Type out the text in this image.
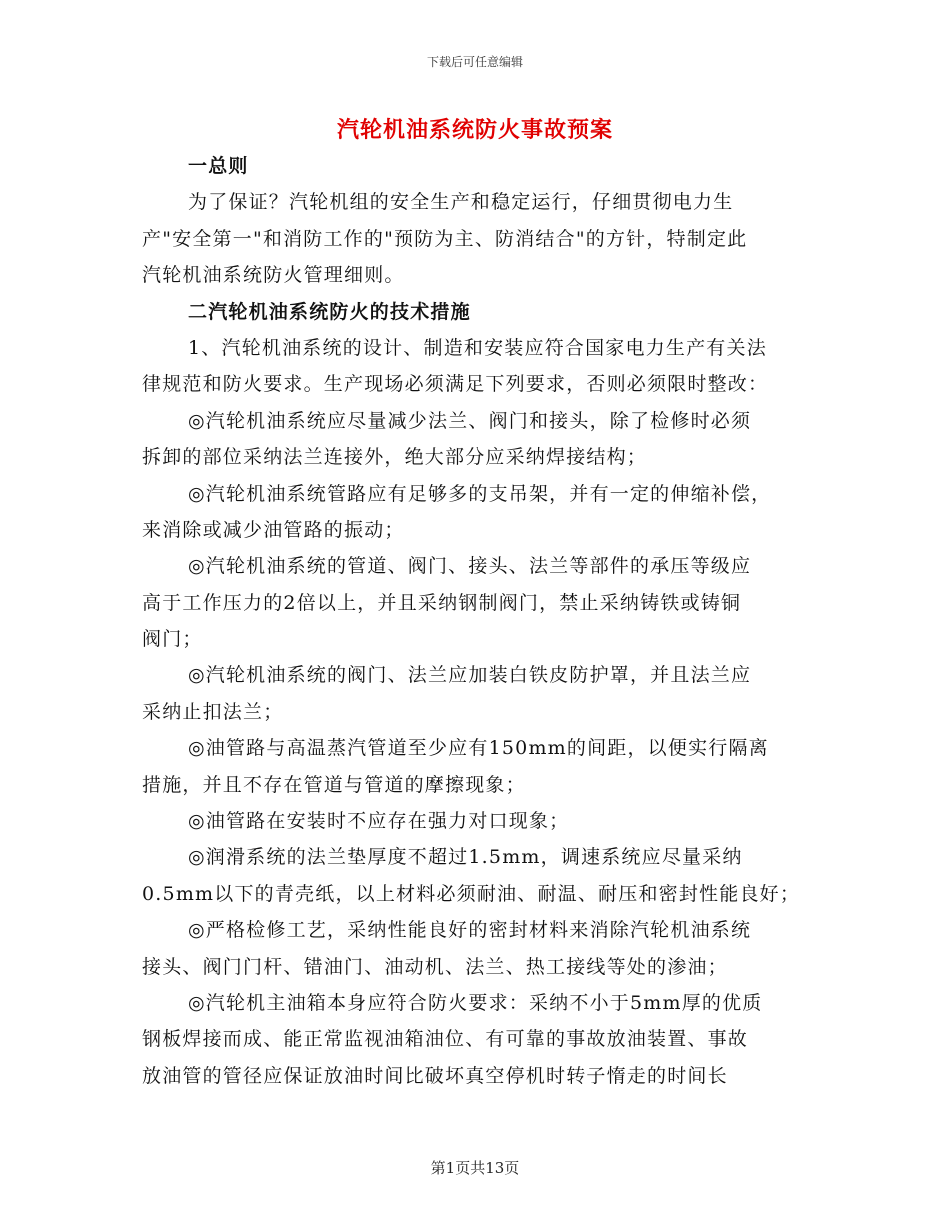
下载后可任意编辑
汽轮机油系统防火事故预案
一总则
为了保证？汽轮机组的安全生产和稳定运行，仔细贯彻电力生
产"安全第一"和消防工作的"预防为主、防消结合"的方针，特制定此
汽轮机油系统防火管理细则。
二汽轮机油系统防火的技术措施
1、汽轮机油系统的设计、制造和安装应符合国家电力生产有关法
律规范和防火要求。生产现场必须满足下列要求，否则必须限时整改：
◎汽轮机油系统应尽量减少法兰、阀门和接头，除了检修时必须
拆卸的部位采纳法兰连接外，绝大部分应采纳焊接结构；
◎汽轮机油系统管路应有足够多的支吊架，并有一定的伸缩补偿，
来消除或减少油管路的振动；
◎汽轮机油系统的管道、阀门、接头、法兰等部件的承压等级应
高于工作压力的2倍以上，并且采纳钢制阀门，禁止采纳铸铁或铸铜
阀门；
◎汽轮机油系统的阀门、法兰应加装白铁皮防护罩，并且法兰应
采纳止扣法兰；
◎油管路与高温蒸汽管道至少应有150mm的间距，以便实行隔离
措施，并且不存在管道与管道的摩擦现象；
◎油管路在安装时不应存在强力对口现象；
◎润滑系统的法兰垫厚度不超过1.5mm，调速系统应尽量采纳
0.5mm以下的青壳纸，以上材料必须耐油、耐温、耐压和密封性能良好；
◎严格检修工艺，采纳性能良好的密封材料来消除汽轮机油系统
接头、阀门门杆、错油门、油动机、法兰、热工接线等处的渗油；
◎汽轮机主油箱本身应符合防火要求：采纳不小于5mm厚的优质
钢板焊接而成、能正常监视油箱油位、有可靠的事故放油装置、事故
放油管的管径应保证放油时间比破坏真空停机时转子惰走的时间长
第1页共13页
